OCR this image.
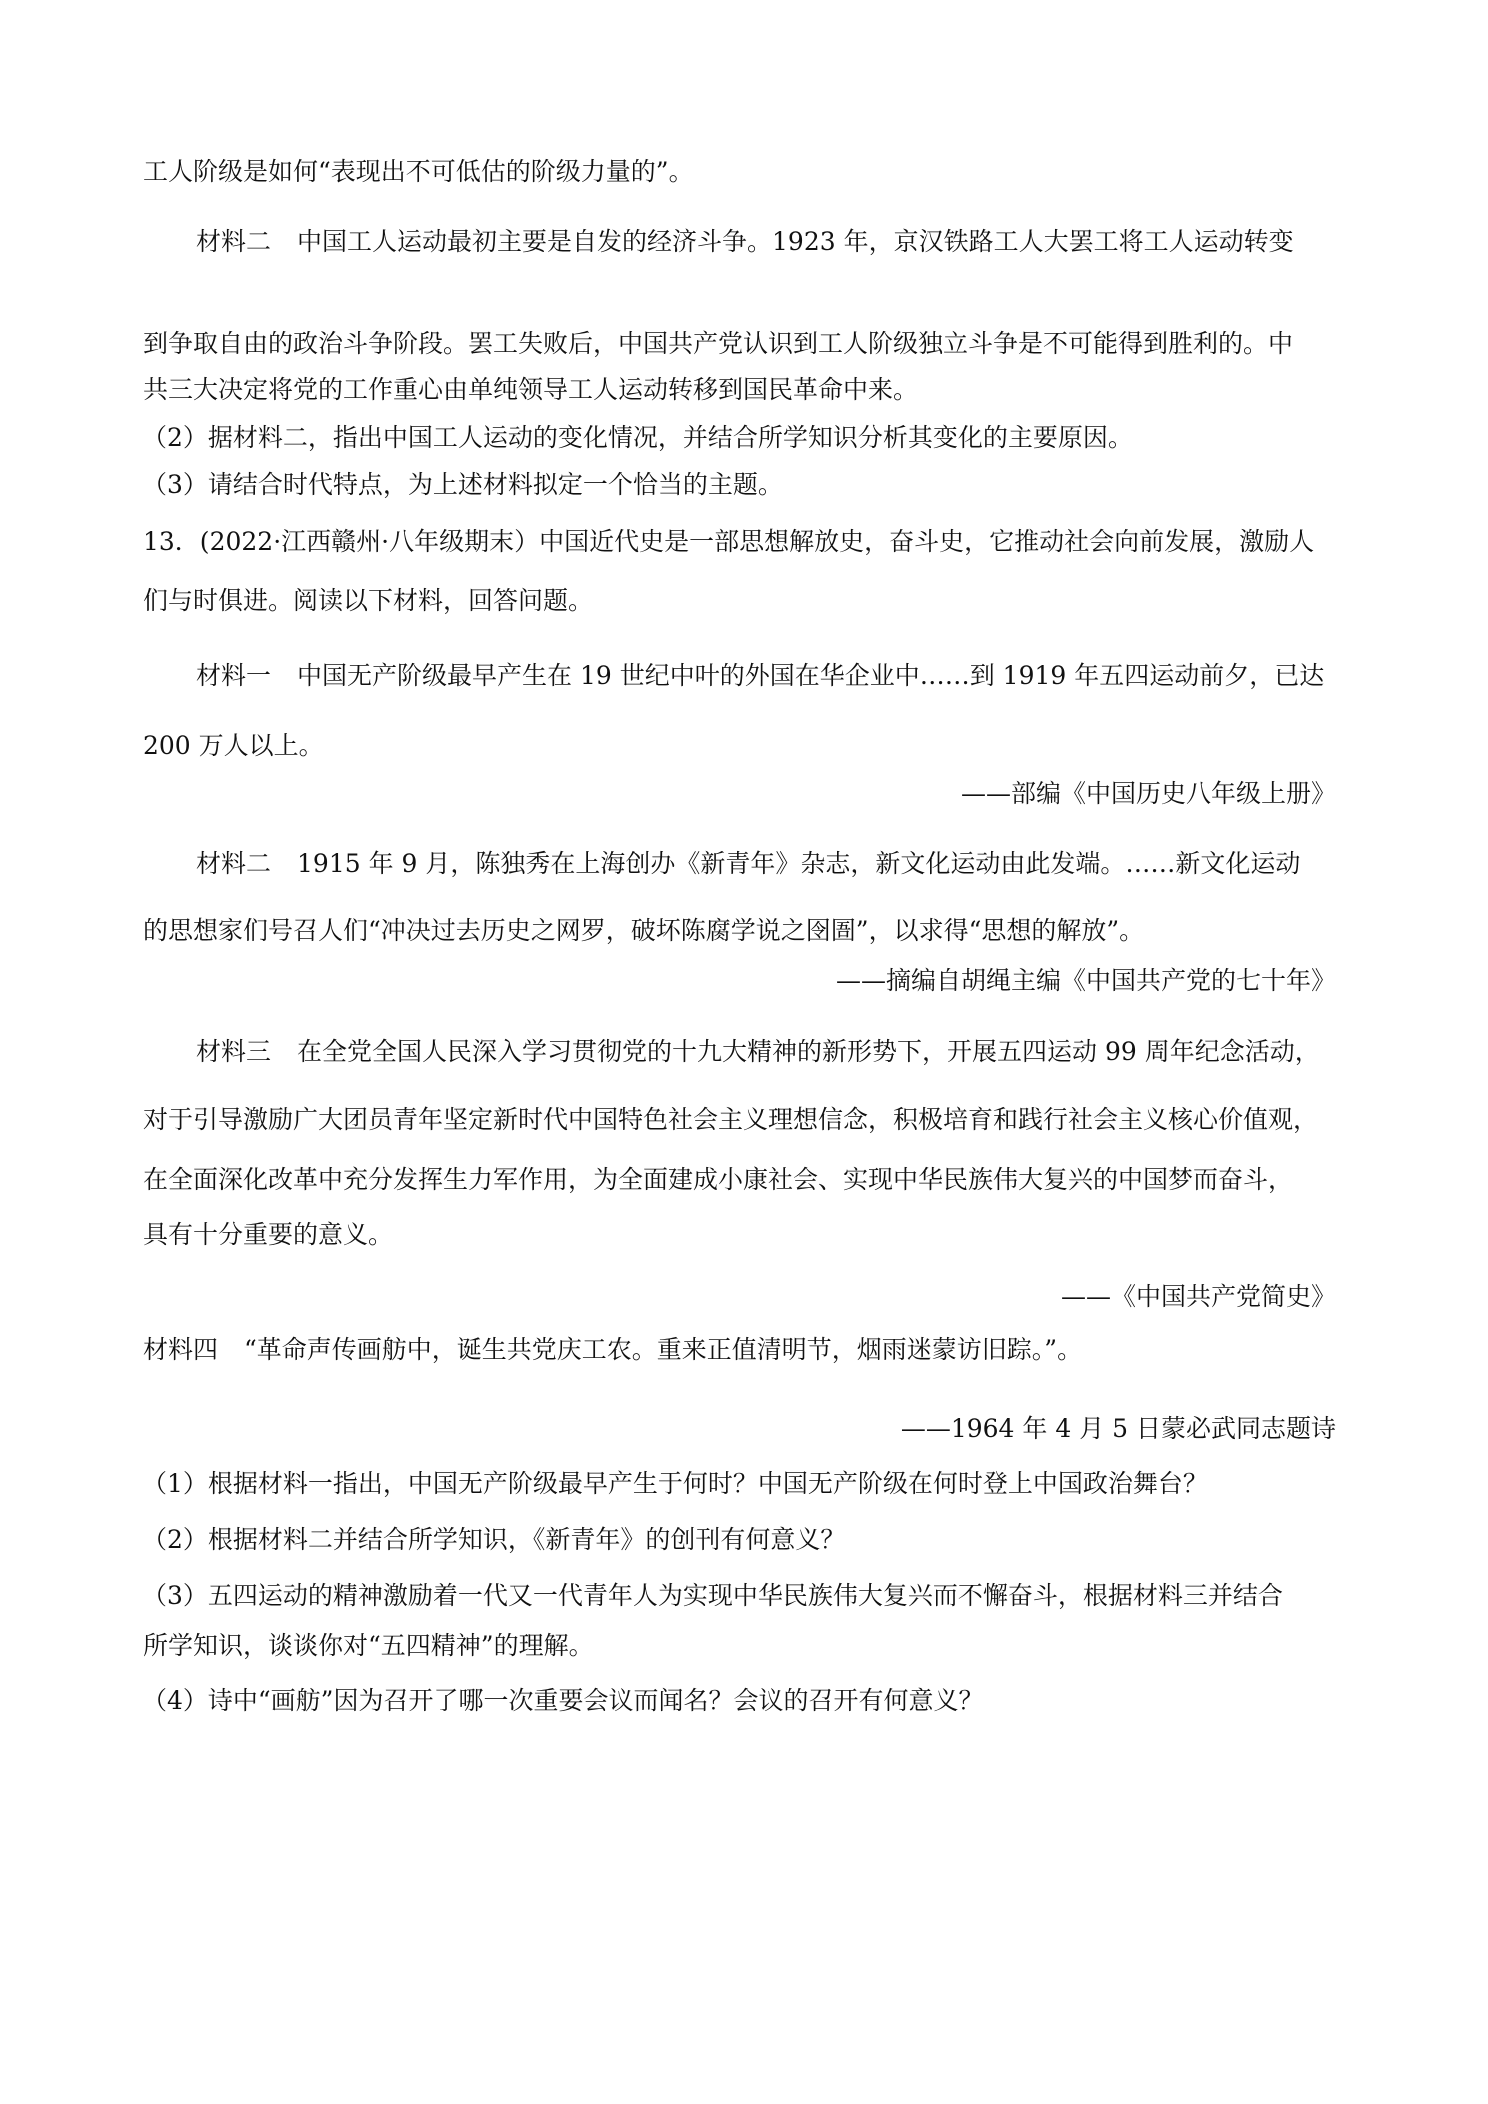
工人阶级是如何“表现出不可低估的阶级力量的”。
材料二 中国工人运动最初主要是自发的经济斗争。1923 年，京汉铁路工人大罢工将工人运动转变
到争取自由的政治斗争阶段。罢工失败后，中国共产党认识到工人阶级独立斗争是不可能得到胜利的。中
共三大决定将党的工作重心由单纯领导工人运动转移到国民革命中来。
（2）据材料二，指出中国工人运动的变化情况，并结合所学知识分析其变化的主要原因。
（3）请结合时代特点，为上述材料拟定一个恰当的主题。
13．(2022·江西赣州·八年级期末）中国近代史是一部思想解放史，奋斗史，它推动社会向前发展，激励人
们与时俱进。阅读以下材料，回答问题。
材料一 中国无产阶级最早产生在 19 世纪中叶的外国在华企业中……到 1919 年五四运动前夕，已达
200 万人以上。
——部编《中国历史八年级上册》
材料二 1915 年 9 月，陈独秀在上海创办《新青年》杂志，新文化运动由此发端。……新文化运动
的思想家们号召人们“冲决过去历史之网罗，破坏陈腐学说之囹圄”，以求得“思想的解放”。
——摘编自胡绳主编《中国共产党的七十年》
材料三 在全党全国人民深入学习贯彻党的十九大精神的新形势下，开展五四运动 99 周年纪念活动，
对于引导激励广大团员青年坚定新时代中国特色社会主义理想信念，积极培育和践行社会主义核心价值观，
在全面深化改革中充分发挥生力军作用，为全面建成小康社会、实现中华民族伟大复兴的中国梦而奋斗，
具有十分重要的意义。
——《中国共产党简史》
材料四 “革命声传画舫中，诞生共党庆工农。重来正值清明节，烟雨迷蒙访旧踪。”。
——1964 年 4 月 5 日蒙必武同志题诗
（1）根据材料一指出，中国无产阶级最早产生于何时？中国无产阶级在何时登上中国政治舞台？
（2）根据材料二并结合所学知识，《新青年》的创刊有何意义？
（3）五四运动的精神激励着一代又一代青年人为实现中华民族伟大复兴而不懈奋斗，根据材料三并结合
所学知识，谈谈你对“五四精神”的理解。
（4）诗中“画舫”因为召开了哪一次重要会议而闻名？会议的召开有何意义？
